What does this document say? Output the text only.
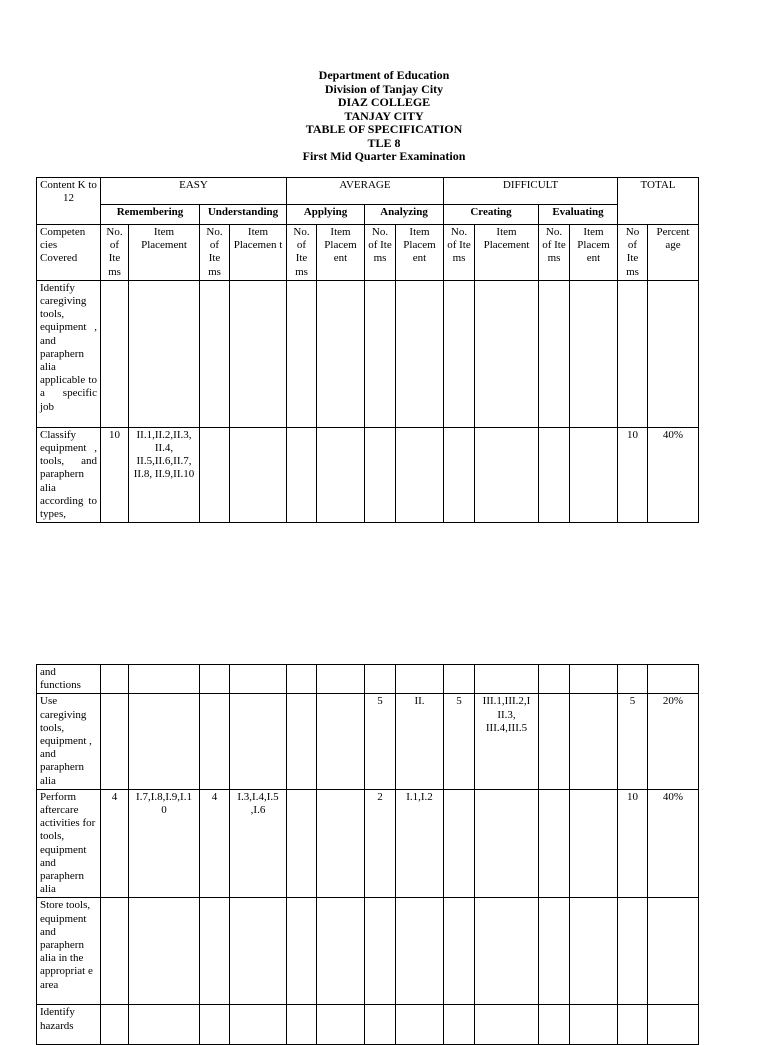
Department of Education
Division of Tanjay City
DIAZ COLLEGE
TANJAY CITY
TABLE OF SPECIFICATION
TLE 8
First Mid Quarter Examination
Content K to 12	EASY				AVERAGE				DIFFICULT				TOTAL	
	Remembering		Understanding		Applying		Analyzing		Creating		Evaluating			
Competen cies Covered	No. of Ite ms	Item Placement	No. of Ite ms	Item Placemen t	No. of Ite ms	Item Placem ent	No. of Ite ms	Item Placem ent	No. of Ite ms	Item Placement	No. of Ite ms	Item Placem ent	No of Ite ms	Percent age
Identify caregiving tools, equipment , and paraphern alia applicable to a specific job														
Classify equipment , tools, and paraphern alia according to types,	10	II.1,II.2,II.3, II.4, II.5,II.6,II.7, II.8, II.9,II.10											10	40%
and functions														
Use caregiving tools, equipment , and paraphern alia							5	II.	5	III.1,III.2,I II.3, III.4,III.5			5	20%
Perform aftercare activities for tools, equipment and paraphern alia	4	I.7,I.8,I.9,I.1 0	4	I.3,I.4,I.5 ,I.6			2	I.1,I.2					10	40%
Store tools, equipment and paraphern alia in the appropriat e area														
Identify hazards														
